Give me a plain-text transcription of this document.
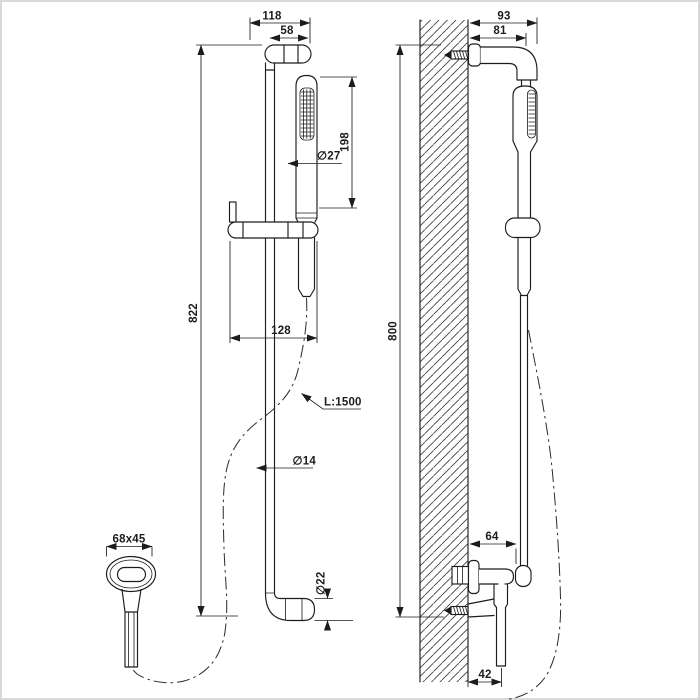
93
81
800
64
42
118
58
822
198
∅27
128
L:1500
∅14
68x45
∅22
